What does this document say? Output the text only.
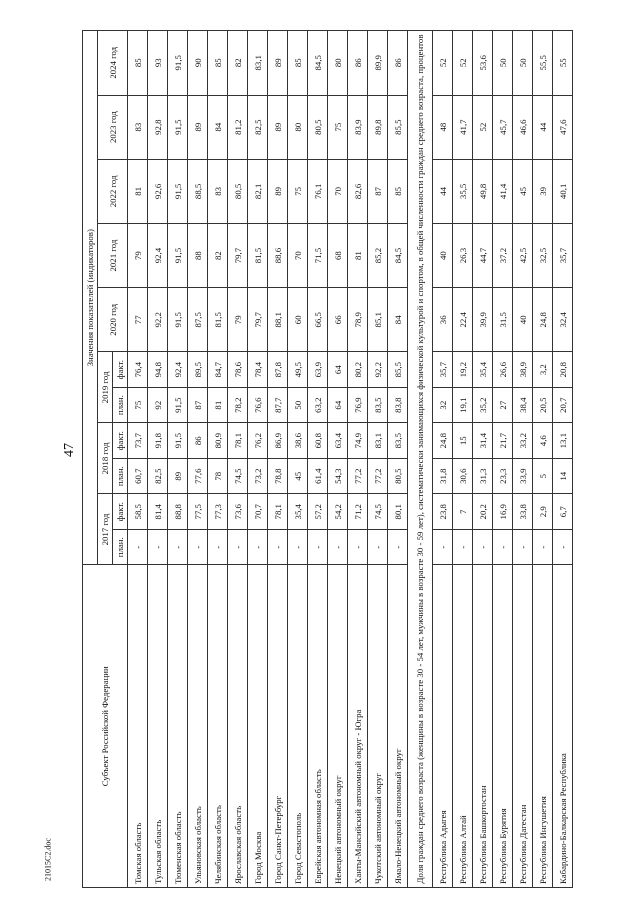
47
21015С2.doc
Субъект Российской Федерации	Значения показателей (индикаторов)										
	2017 год		2018 год		2019 год		2020 год	2021 год	2022 год	2023 год	2024 год
	план.	факт.	план.	факт.	план.	факт.					
Томская область	-	58,5	60,7	73,7	75	76,4	77	79	81	83	85
Тульская область	-	81,4	82,5	91,8	92	94,8	92,2	92,4	92,6	92,8	93
Тюменская область	-	88,8	89	91,5	91,5	92,4	91,5	91,5	91,5	91,5	91,5
Ульяновская область	-	77,5	77,6	86	87	89,5	87,5	88	88,5	89	90
Челябинская область	-	77,3	78	80,9	81	84,7	81,5	82	83	84	85
Ярославская область	-	73,6	74,5	78,1	78,2	78,6	79	79,7	80,5	81,2	82
Город Москва	-	70,7	73,2	76,2	76,6	78,4	79,7	81,5	82,1	82,5	83,1
Город Санкт-Петербург	-	78,1	78,8	86,9	87,7	87,8	88,1	88,6	89	89	89
Город Севастополь	-	35,4	45	38,6	50	49,5	60	70	75	80	85
Еврейская автономная область	-	57,2	61,4	60,8	63,2	63,9	66,5	71,5	76,1	80,5	84,5
Ненецкий автономный округ	-	54,2	54,3	63,4	64	64	66	68	70	75	80
Ханты-Мансийский автономный округ - Югра	-	71,2	77,2	74,9	76,9	80,2	78,9	81	82,6	83,9	86
Чукотский автономный округ	-	74,5	77,2	83,1	83,5	92,2	85,1	85,2	87	89,8	89,9
Ямало-Ненецкий автономный округ	-	80,1	80,5	83,5	83,8	85,5	84	84,5	85	85,5	86
Доля граждан среднего возраста (женщины в возрасте 30 - 54 лет, мужчины в возрасте 30 - 59 лет), систематически занимающихся физической культурой и спортом, в общей численности граждан среднего возраста, процентов											
Республика Адыгея	-	23,8	31,8	24,8	32	35,7	36	40	44	48	52
Республика Алтай	-	7	30,6	15	19,1	19,2	22,4	26,3	35,5	41,7	52
Республика Башкортостан	-	20,2	31,3	31,4	35,2	35,4	39,9	44,7	49,8	52	53,6
Республика Бурятия	-	16,9	23,3	21,7	27	26,6	31,5	37,2	41,4	45,7	50
Республика Дагестан	-	33,8	33,9	33,2	38,4	38,9	40	42,5	45	46,6	50
Республика Ингушетия	-	2,9	5	4,6	20,5	3,2	24,8	32,5	39	44	55,5
Кабардино-Балкарская Республика	-	6,7	14	13,1	20,7	20,8	32,4	35,7	40,1	47,6	55
